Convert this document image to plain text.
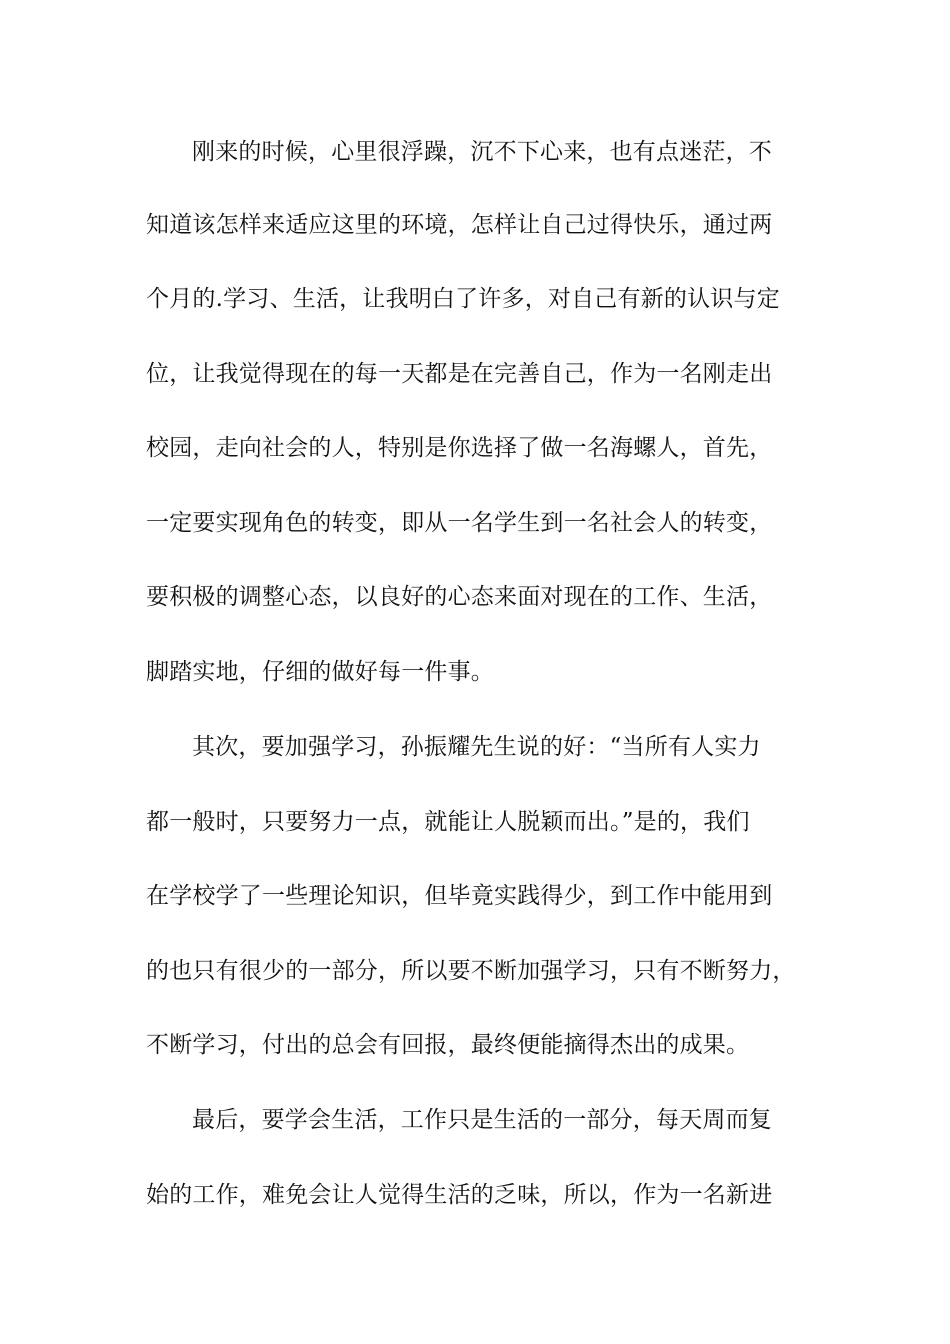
刚来的时候，心里很浮躁，沉不下心来，也有点迷茫，不
知道该怎样来适应这里的环境，怎样让自己过得快乐，通过两
个月的.学习、生活，让我明白了许多，对自己有新的认识与定
位，让我觉得现在的每一天都是在完善自己，作为一名刚走出
校园，走向社会的人，特别是你选择了做一名海螺人，首先，
一定要实现角色的转变，即从一名学生到一名社会人的转变，
要积极的调整心态，以良好的心态来面对现在的工作、生活，
脚踏实地，仔细的做好每一件事。
其次，要加强学习，孙振耀先生说的好：“当所有人实力
都一般时，只要努力一点，就能让人脱颖而出。”是的，我们
在学校学了一些理论知识，但毕竟实践得少，到工作中能用到
的也只有很少的一部分，所以要不断加强学习，只有不断努力，
不断学习，付出的总会有回报，最终便能摘得杰出的成果。
最后，要学会生活，工作只是生活的一部分，每天周而复
始的工作，难免会让人觉得生活的乏味，所以，作为一名新进
